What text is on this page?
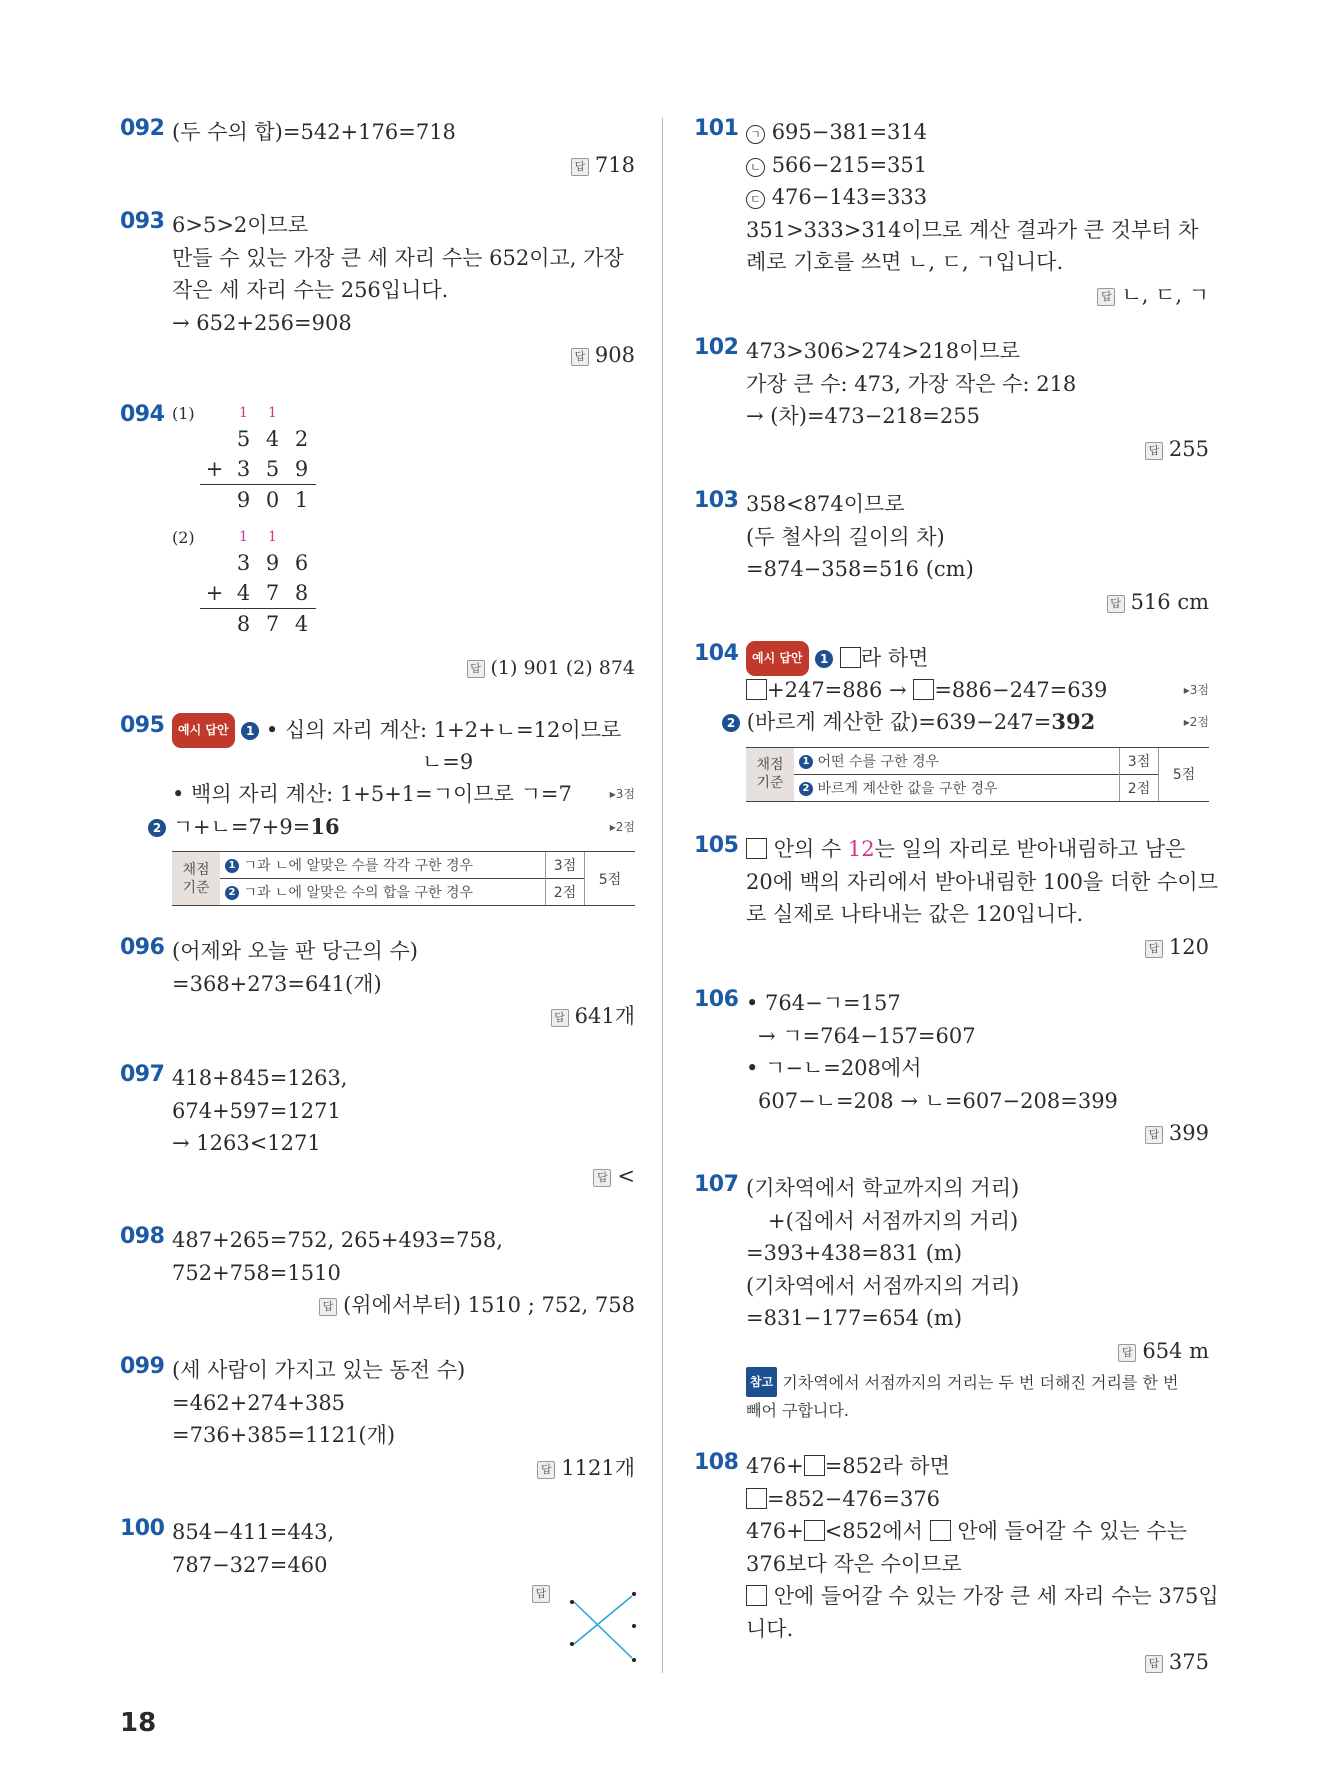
092 (두 수의 합)=542+176=718
답 718
093 6>5>2이므로
만들 수 있는 가장 큰 세 자리 수는 652이고, 가장
작은 세 자리 수는 256입니다.
→ 652+256=908
답 908
094 (1)	1 1
5 4 2
+ 3 5 9
9 0 1
(2)	1 1
3 9 6
+ 4 7 8
8 7 4
답 (1) 901 (2) 874
095	예시 답안 1 • 십의 자리 계산: 1+2+ㄴ=12이므로
ㄴ=9
• 백의 자리 계산: 1+5+1=ㄱ이므로 ㄱ=7	▸3점
2 ㄱ+ㄴ=7+9=16	▸2점
채점 기준	1 ㄱ과 ㄴ에 알맞은 수를 각각 구한 경우	3점	5점
	2 ㄱ과 ㄴ에 알맞은 수의 합을 구한 경우	2점	
096 (어제와 오늘 판 당근의 수)
=368+273=641(개)
답 641개
097 418+845=1263,
674+597=1271
→ 1263<1271
답 <
098 487+265=752, 265+493=758,
752+758=1510
답 (위에서부터) 1510 ; 752, 758
099 (세 사람이 가지고 있는 동전 수)
=462+274+385
=736+385=1121(개)
답 1121개
100 854−411=443,
787−327=460
답
101	ㄱ 695−381=314
ㄴ 566−215=351
ㄷ 476−143=333
351>333>314이므로 계산 결과가 큰 것부터 차
례로 기호를 쓰면 ㄴ, ㄷ, ㄱ입니다.
답 ㄴ, ㄷ, ㄱ
102 473>306>274>218이므로
가장 큰 수: 473, 가장 작은 수: 218
→ (차)=473−218=255
답 255
103 358<874이므로
(두 철사의 길이의 차)
=874−358=516 (cm)
답 516 cm
104	예시 답안 1 라 하면
+247=886 → =886−247=639	▸3점
2 (바르게 계산한 값)=639−247=392	▸2점
채점 기준	1 어떤 수를 구한 경우	3점	5점
	2 바르게 계산한 값을 구한 경우	2점	
105	안의 수 12는 일의 자리로 받아내림하고 남은
20에 백의 자리에서 받아내림한 100을 더한 수이므
로 실제로 나타내는 값은 120입니다.
답 120
106 • 764−ㄱ=157
→ ㄱ=764−157=607
• ㄱ−ㄴ=208에서
607−ㄴ=208 → ㄴ=607−208=399
답 399
107 (기차역에서 학교까지의 거리)
+(집에서 서점까지의 거리)
=393+438=831 (m)
(기차역에서 서점까지의 거리)
=831−177=654 (m)
답 654 m
참고 기차역에서 서점까지의 거리는 두 번 더해진 거리를 한 번
빼어 구합니다.
108 476+ =852라 하면
=852−476=376
476+ <852에서 안에 들어갈 수 있는 수는
376보다 작은 수이므로
안에 들어갈 수 있는 가장 큰 세 자리 수는 375입
니다.
답 375
18
